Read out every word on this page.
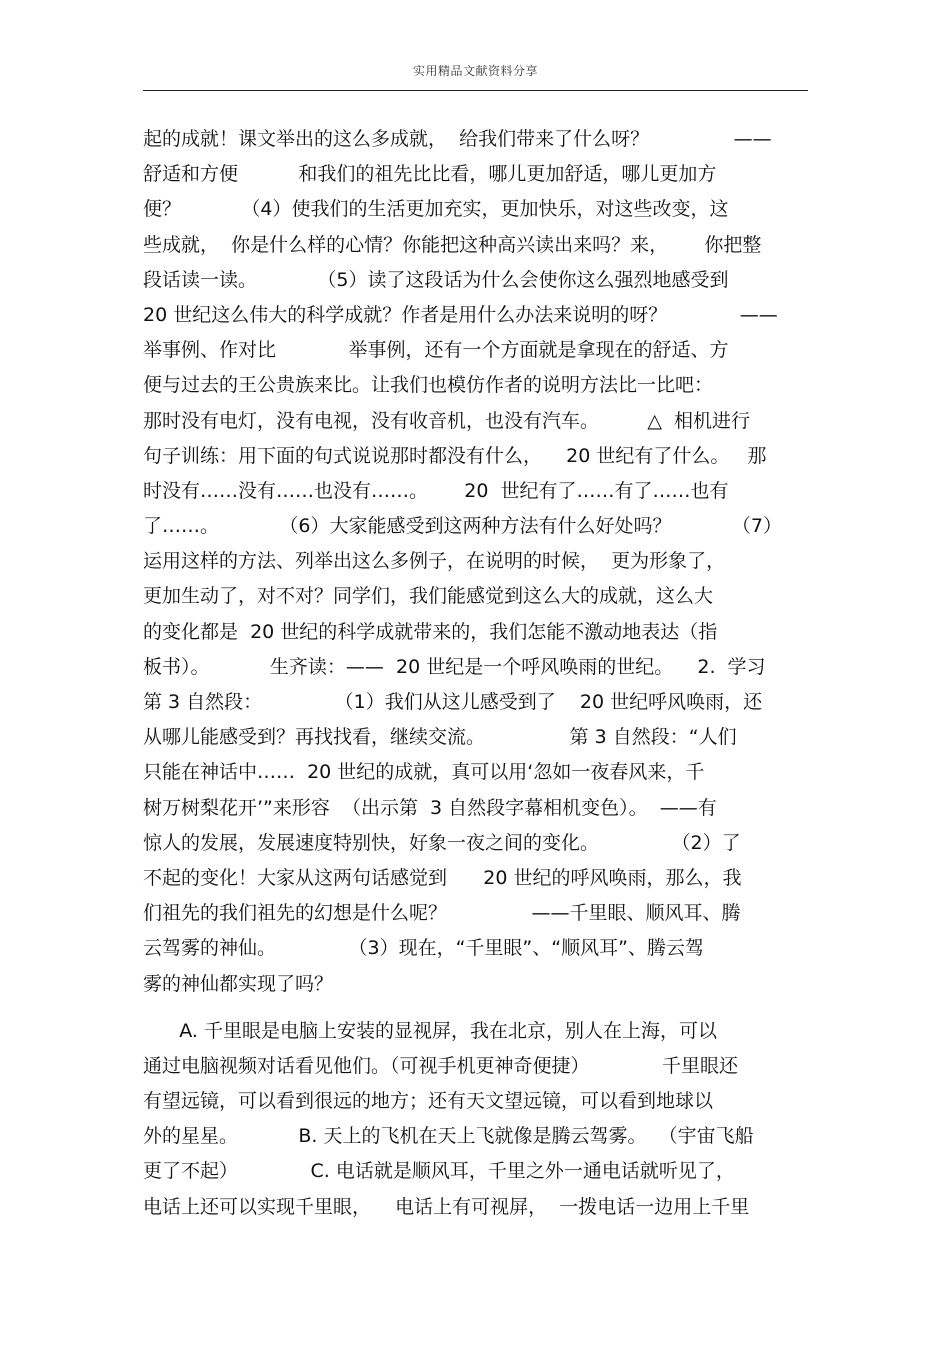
实用精品文献资料分享
起的成就！课文举出的这么多成就，  给我们带来了什么呀？              ——
舒适和方便          和我们的祖先比比看，哪儿更加舒适，哪儿更加方
便？          （4）使我们的生活更加充实，更加快乐，对这些改变，这
些成就，  你是什么样的心情？你能把这种高兴读出来吗？来，      你把整
段话读一读。          （5）读了这段话为什么会使你这么强烈地感受到
20 世纪这么伟大的科学成就？作者是用什么办法来说明的呀？            ——
举事例、作对比            举事例，还有一个方面就是拿现在的舒适、方
便与过去的王公贵族来比。让我们也模仿作者的说明方法比一比吧：
那时没有电灯，没有电视，没有收音机，也没有汽车。        △  相机进行
句子训练：用下面的句式说说那时都没有什么，    20 世纪有了什么。   那
时没有……没有……也没有……。      20  世纪有了……有了……也有
了……。          （6）大家能感受到这两种方法有什么好处吗？          （7）
运用这样的方法、列举出这么多例子，在说明的时候，  更为形象了，
更加生动了，对不对？同学们，我们能感觉到这么大的成就，这么大
的变化都是  20 世纪的科学成就带来的，我们怎能不激动地表达（指
板书）。          生齐读：——  20 世纪是一个呼风唤雨的世纪。    2.  学习
第 3 自然段：            （1）我们从这儿感受到了    20 世纪呼风唤雨，还
从哪儿能感受到？再找找看，继续交流。              第 3 自然段：“人们
只能在神话中……  20 世纪的成就，真可以用‘忽如一夜春风来，千
树万树梨花开’”来形容  （出示第  3 自然段字幕相机变色）。  ——有
惊人的发展，发展速度特别快，好象一夜之间的变化。            （2）了
不起的变化！大家从这两句话感觉到      20 世纪的呼风唤雨，那么，我
们祖先的我们祖先的幻想是什么呢？              ——千里眼、顺风耳、腾
云驾雾的神仙。            （3）现在，“千里眼”、“顺风耳”、腾云驾
雾的神仙都实现了吗？
A. 千里眼是电脑上安装的显视屏，我在北京，别人在上海，可以
通过电脑视频对话看见他们。（可视手机更神奇便捷）            千里眼还
有望远镜，可以看到很远的地方；还有天文望远镜，可以看到地球以
外的星星。          B. 天上的飞机在天上飞就像是腾云驾雾。  （宇宙飞船
更了不起）            C. 电话就是顺风耳，千里之外一通电话就听见了，
电话上还可以实现千里眼，    电话上有可视屏，  一拨电话一边用上千里
